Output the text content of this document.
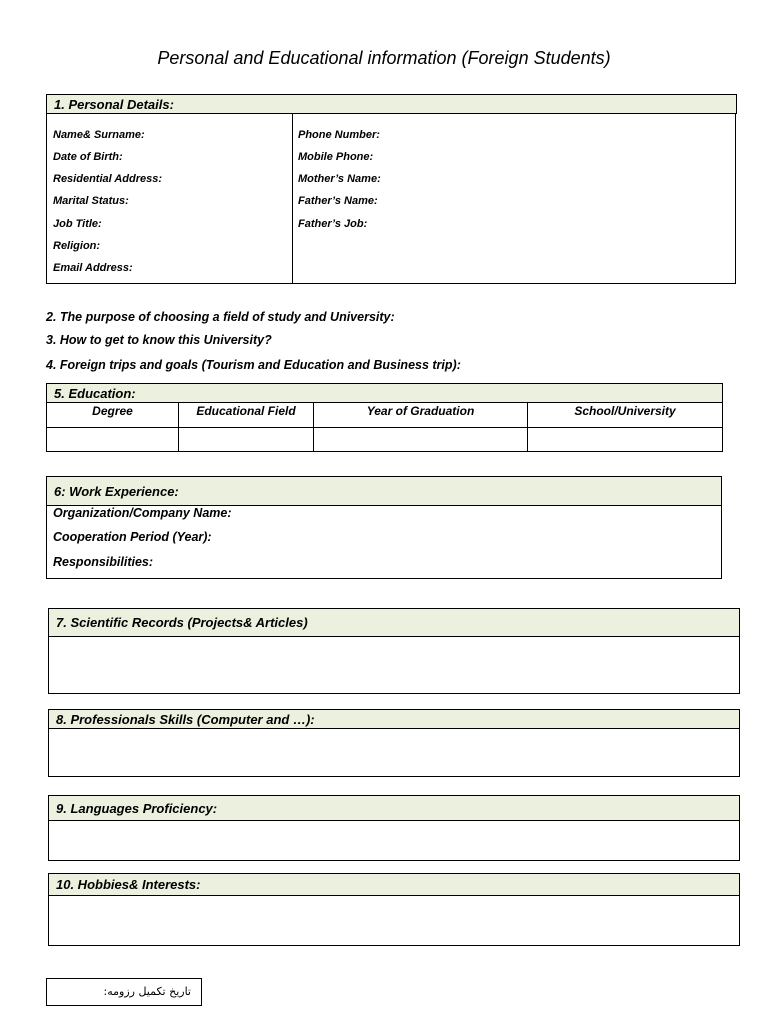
Personal and Educational information (Foreign Students)
1. Personal Details:
Name& Surname:
Date of Birth:
Residential Address:
Marital Status:
Job Title:
Religion:
Email Address:
Phone Number:
Mobile Phone:
Mother’s Name:
Father’s Name:
Father’s Job:
2. The purpose of choosing a field of study and University:
3. How to get to know this University?
4. Foreign trips and goals (Tourism and Education and Business trip):
5. Education:
Degree	Educational Field	Year of Graduation	School/University
6: Work Experience:
Organization/Company Name:
Cooperation Period (Year):
Responsibilities:
7. Scientific Records (Projects& Articles)
8. Professionals Skills (Computer and …):
9. Languages Proficiency:
10. Hobbies& Interests:
تاریخ تکمیل رزومه:
